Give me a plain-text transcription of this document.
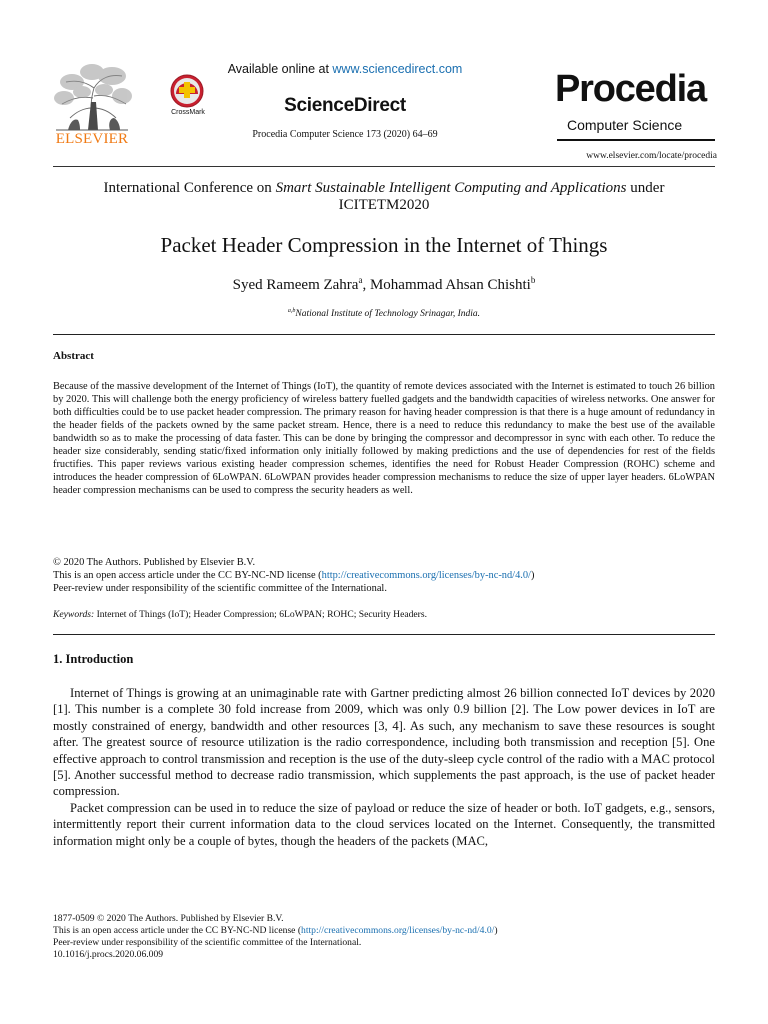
ELSEVIER
CrossMark
Available online at www.sciencedirect.com
ScienceDirect
Procedia Computer Science 173 (2020) 64–69
Procedia
Computer Science
www.elsevier.com/locate/procedia
International Conference on Smart Sustainable Intelligent Computing and Applications under
ICITETM2020
Packet Header Compression in the Internet of Things
Syed Rameem Zahra$^a$, Mohammad Ahsan Chishti$^b$
$^{a,b}$National Institute of Technology Srinagar, India.
Abstract
Because of the massive development of the Internet of Things (IoT), the quantity of remote devices associated with the Internet is estimated to touch 26 billion by 2020. This will challenge both the energy proficiency of wireless battery fuelled gadgets and the bandwidth capacities of wireless networks. One answer for both difficulties could be to use packet header compression. The primary reason for having header compression is that there is a huge amount of redundancy in the header fields of the packets owned by the same packet stream. Hence, there is a need to reduce this redundancy to make the best use of the available bandwidth so as to make the processing of data faster. This can be done by bringing the compressor and decompressor in sync with each other. To reduce the header size considerably, sending static/fixed information only initially followed by making predictions and the use of dependencies for rest of the fields fructifies. This paper reviews various existing header compression schemes, identifies the need for Robust Header Compression (ROHC) scheme and introduces the header compression of 6LoWPAN. 6LoWPAN provides header compression mechanisms to reduce the size of upper layer headers. 6LoWPAN header compression mechanisms can be used to compress the security headers as well.
© 2020 The Authors. Published by Elsevier B.V.
This is an open access article under the CC BY-NC-ND license (http://creativecommons.org/licenses/by-nc-nd/4.0/)
Peer-review under responsibility of the scientific committee of the International.
Keywords: Internet of Things (IoT); Header Compression; 6LoWPAN; ROHC; Security Headers.
1. Introduction

Internet of Things is growing at an unimaginable rate with Gartner predicting almost 26 billion connected IoT devices by 2020 [1]. This number is a complete 30 fold increase from 2009, which was only 0.9 billion [2]. The Low power devices in IoT are mostly constrained of energy, bandwidth and other resources [3, 4]. As such, any mechanism to save these resources is sought after. The greatest source of resource utilization is the radio correspondence, including both transmission and reception [5]. One effective approach to control transmission and reception is the use of the duty-sleep cycle control of the radio with a MAC protocol [5]. Another successful method to decrease radio transmission, which supplements the past approach, is the use of packet header compression.

Packet compression can be used in to reduce the size of payload or reduce the size of header or both. IoT gadgets, e.g., sensors, intermittently report their current information data to the cloud services located on the Internet. Consequently, the transmitted information might only be a couple of bytes, though the headers of the packets (MAC,

1877-0509 © 2020 The Authors. Published by Elsevier B.V.
This is an open access article under the CC BY-NC-ND license (http://creativecommons.org/licenses/by-nc-nd/4.0/)
Peer-review under responsibility of the scientific committee of the International.
10.1016/j.procs.2020.06.009
